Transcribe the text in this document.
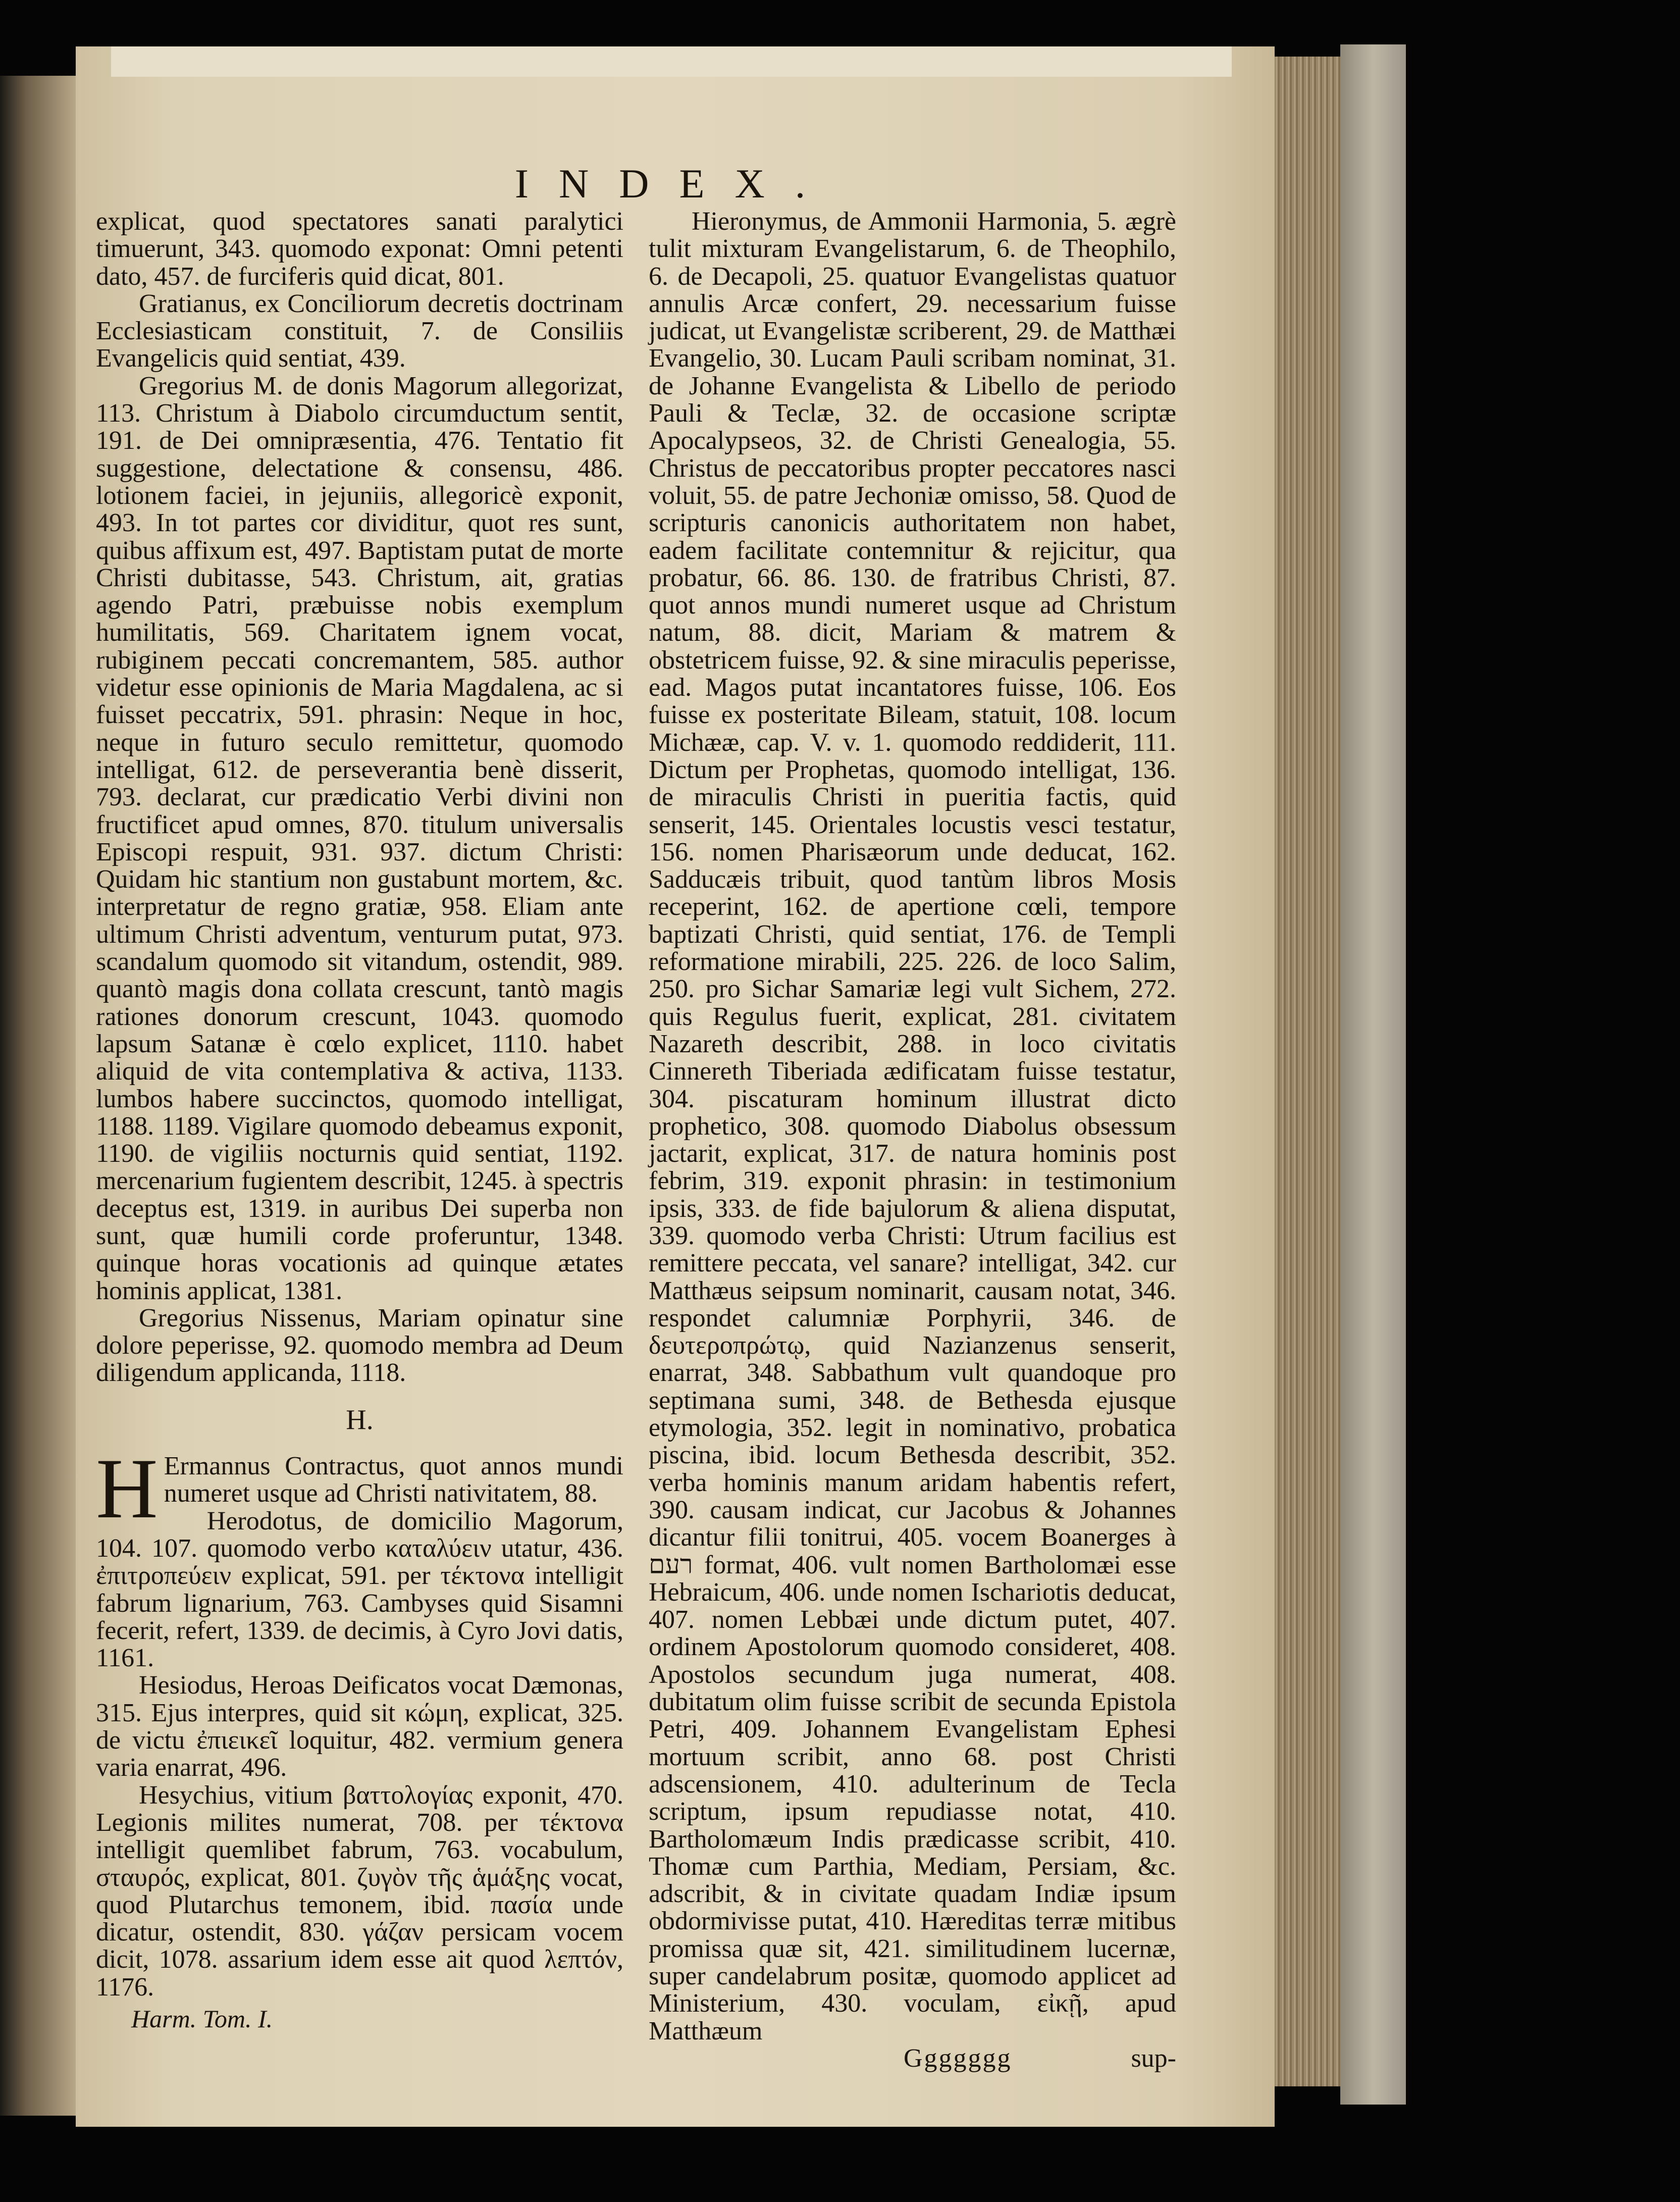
INDEX.

explicat, quod spectatores sanati paralytici timuerunt, 343. quomodo exponat: Omni petenti dato, 457. de furciferis quid dicat, 801.

Gratianus, ex Conciliorum decretis doctrinam Ecclesiasticam constituit, 7. de Consiliis Evangelicis quid sentiat, 439.

Gregorius M. de donis Magorum allegorizat, 113. Christum à Diabolo circumductum sentit, 191. de Dei omnipræsentia, 476. Tentatio fit suggestione, delectatione & consensu, 486. lotionem faciei, in jejuniis, allegoricè exponit, 493. In tot partes cor dividitur, quot res sunt, quibus affixum est, 497. Baptistam putat de morte Christi dubitasse, 543. Christum, ait, gratias agendo Patri, præbuisse nobis exemplum humilitatis, 569. Charitatem ignem vocat, rubiginem peccati concremantem, 585. author videtur esse opinionis de Maria Magdalena, ac si fuisset peccatrix, 591. phrasin: Neque in hoc, neque in futuro seculo remittetur, quomodo intelligat, 612. de perseverantia benè disserit, 793. declarat, cur prædicatio Verbi divini non fructificet apud omnes, 870. titulum universalis Episcopi respuit, 931. 937. dictum Christi: Quidam hic stantium non gustabunt mortem, &c. interpretatur de regno gratiæ, 958. Eliam ante ultimum Christi adventum, venturum putat, 973. scandalum quomodo sit vitandum, ostendit, 989. quantò magis dona collata crescunt, tantò magis rationes donorum crescunt, 1043. quomodo lapsum Satanæ è cœlo explicet, 1110. habet aliquid de vita contemplativa & activa, 1133. lumbos habere succinctos, quomodo intelligat, 1188. 1189. Vigilare quomodo debeamus exponit, 1190. de vigiliis nocturnis quid sentiat, 1192. mercenarium fugientem describit, 1245. à spectris deceptus est, 1319. in auribus Dei superba non sunt, quæ humili corde proferuntur, 1348. quinque horas vocationis ad quinque ætates hominis applicat, 1381.

Gregorius Nissenus, Mariam opinatur sine dolore peperisse, 92. quomodo membra ad Deum diligendum applicanda, 1118.

H.

H Ermannus Contractus, quot annos mundi numeret usque ad Christi nativitatem, 88.

Herodotus, de domicilio Magorum, 104. 107. quomodo verbo καταλύειν utatur, 436. ἐπιτροπεύειν explicat, 591. per τέκτονα intelligit fabrum lignarium, 763. Cambyses quid Sisamni fecerit, refert, 1339. de decimis, à Cyro Jovi datis, 1161.

Hesiodus, Heroas Deificatos vocat Dæmonas, 315. Ejus interpres, quid sit κώμη, explicat, 325. de victu ἐπιεικεῖ loquitur, 482. vermium genera varia enarrat, 496.

Hesychius, vitium βαττολογίας exponit, 470. Legionis milites numerat, 708. per τέκτονα intelligit quemlibet fabrum, 763. vocabulum, σταυρός, explicat, 801. ζυγὸν τῆς ἁμάξης vocat, quod Plutarchus temonem, ibid. πασία unde dicatur, ostendit, 830. γάζαν persicam vocem dicit, 1078. assarium idem esse ait quod λεπτόν, 1176.

Harm. Tom. I.

Hieronymus, de Ammonii Harmonia, 5. ægrè tulit mixturam Evangelistarum, 6. de Theophilo, 6. de Decapoli, 25. quatuor Evangelistas quatuor annulis Arcæ confert, 29. necessarium fuisse judicat, ut Evangelistæ scriberent, 29. de Matthæi Evangelio, 30. Lucam Pauli scribam nominat, 31. de Johanne Evangelista & Libello de periodo Pauli & Teclæ, 32. de occasione scriptæ Apocalypseos, 32. de Christi Genealogia, 55. Christus de peccatoribus propter peccatores nasci voluit, 55. de patre Jechoniæ omisso, 58. Quod de scripturis canonicis authoritatem non habet, eadem facilitate contemnitur & rejicitur, qua probatur, 66. 86. 130. de fratribus Christi, 87. quot annos mundi numeret usque ad Christum natum, 88. dicit, Mariam & matrem & obstetricem fuisse, 92. & sine miraculis peperisse, ead. Magos putat incantatores fuisse, 106. Eos fuisse ex posteritate Bileam, statuit, 108. locum Michææ, cap. V. v. 1. quomodo reddiderit, 111. Dictum per Prophetas, quomodo intelligat, 136. de miraculis Christi in pueritia factis, quid senserit, 145. Orientales locustis vesci testatur, 156. nomen Pharisæorum unde deducat, 162. Sadducæis tribuit, quod tantùm libros Mosis receperint, 162. de apertione cœli, tempore baptizati Christi, quid sentiat, 176. de Templi reformatione mirabili, 225. 226. de loco Salim, 250. pro Sichar Samariæ legi vult Sichem, 272. quis Regulus fuerit, explicat, 281. civitatem Nazareth describit, 288. in loco civitatis Cinnereth Tiberiada ædificatam fuisse testatur, 304. piscaturam hominum illustrat dicto prophetico, 308. quomodo Diabolus obsessum jactarit, explicat, 317. de natura hominis post febrim, 319. exponit phrasin: in testimonium ipsis, 333. de fide bajulorum & aliena disputat, 339. quomodo verba Christi: Utrum facilius est remittere peccata, vel sanare? intelligat, 342. cur Matthæus seipsum nominarit, causam notat, 346. respondet calumniæ Porphyrii, 346. de δευτεροπρώτῳ, quid Nazianzenus senserit, enarrat, 348. Sabbathum vult quandoque pro septimana sumi, 348. de Bethesda ejusque etymologia, 352. legit in nominativo, probatica piscina, ibid. locum Bethesda describit, 352. verba hominis manum aridam habentis refert, 390. causam indicat, cur Jacobus & Johannes dicantur filii tonitrui, 405. vocem Boanerges à רעם format, 406. vult nomen Bartholomæi esse Hebraicum, 406. unde nomen Ischariotis deducat, 407. nomen Lebbæi unde dictum putet, 407. ordinem Apostolorum quomodo consideret, 408. Apostolos secundum juga numerat, 408. dubitatum olim fuisse scribit de secunda Epistola Petri, 409. Johannem Evangelistam Ephesi mortuum scribit, anno 68. post Christi adscensionem, 410. adulterinum de Tecla scriptum, ipsum repudiasse notat, 410. Bartholomæum Indis prædicasse scribit, 410. Thomæ cum Parthia, Mediam, Persiam, &c. adscribit, & in civitate quadam Indiæ ipsum obdormivisse putat, 410. Hæreditas terræ mitibus promissa quæ sit, 421. similitudinem lucernæ, super candelabrum positæ, quomodo applicet ad Ministerium, 430. voculam, εἰκῇ, apud Matthæum

Ggggggg	sup-
